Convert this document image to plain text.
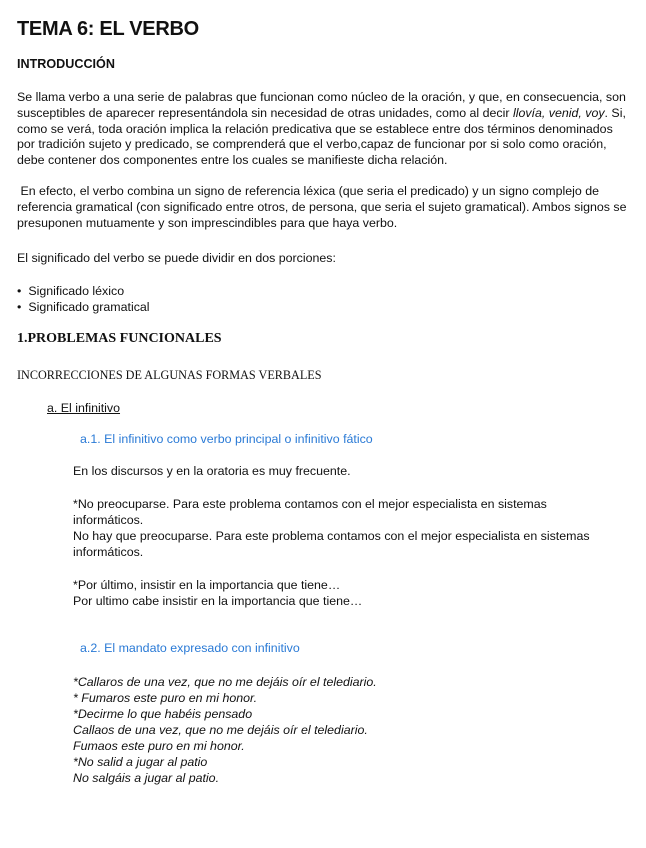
TEMA 6: EL VERBO
INTRODUCCIÓN
Se llama verbo a una serie de palabras que funcionan como núcleo de la oración, y que, en consecuencia, son susceptibles de aparecer representándola sin necesidad de otras unidades, como al decir llovía, venid, voy. Si, como se verá, toda oración implica la relación predicativa que se establece entre dos términos denominados por tradición sujeto y predicado, se comprenderá que el verbo,capaz de funcionar por si solo como oración, debe contener dos componentes entre los cuales se manifieste dicha relación.
En efecto, el verbo combina un signo de referencia léxica (que seria el predicado) y un signo complejo de referencia gramatical (con significado entre otros, de persona, que seria el sujeto gramatical). Ambos signos se presuponen mutuamente y son imprescindibles para que haya verbo.
El significado del verbo se puede dividir en dos porciones:
• Significado léxico
• Significado gramatical
1.PROBLEMAS FUNCIONALES
INCORRECCIONES DE ALGUNAS FORMAS VERBALES
a. El infinitivo
a.1. El infinitivo como verbo principal o infinitivo fático
En los discursos y en la oratoria es muy frecuente.
*No preocuparse. Para este problema contamos con el mejor especialista en sistemas informáticos.
No hay que preocuparse. Para este problema contamos con el mejor especialista en sistemas informáticos.
*Por último, insistir en la importancia que tiene…
Por ultimo cabe insistir en la importancia que tiene…
a.2. El mandato expresado con infinitivo
*Callaros de una vez, que no me dejáis oír el telediario.
* Fumaros este puro en mi honor.
*Decirme lo que habéis pensado
Callaos de una vez, que no me dejáis oír el telediario.
Fumaos este puro en mi honor.
*No salid a jugar al patio
No salgáis a jugar al patio.
